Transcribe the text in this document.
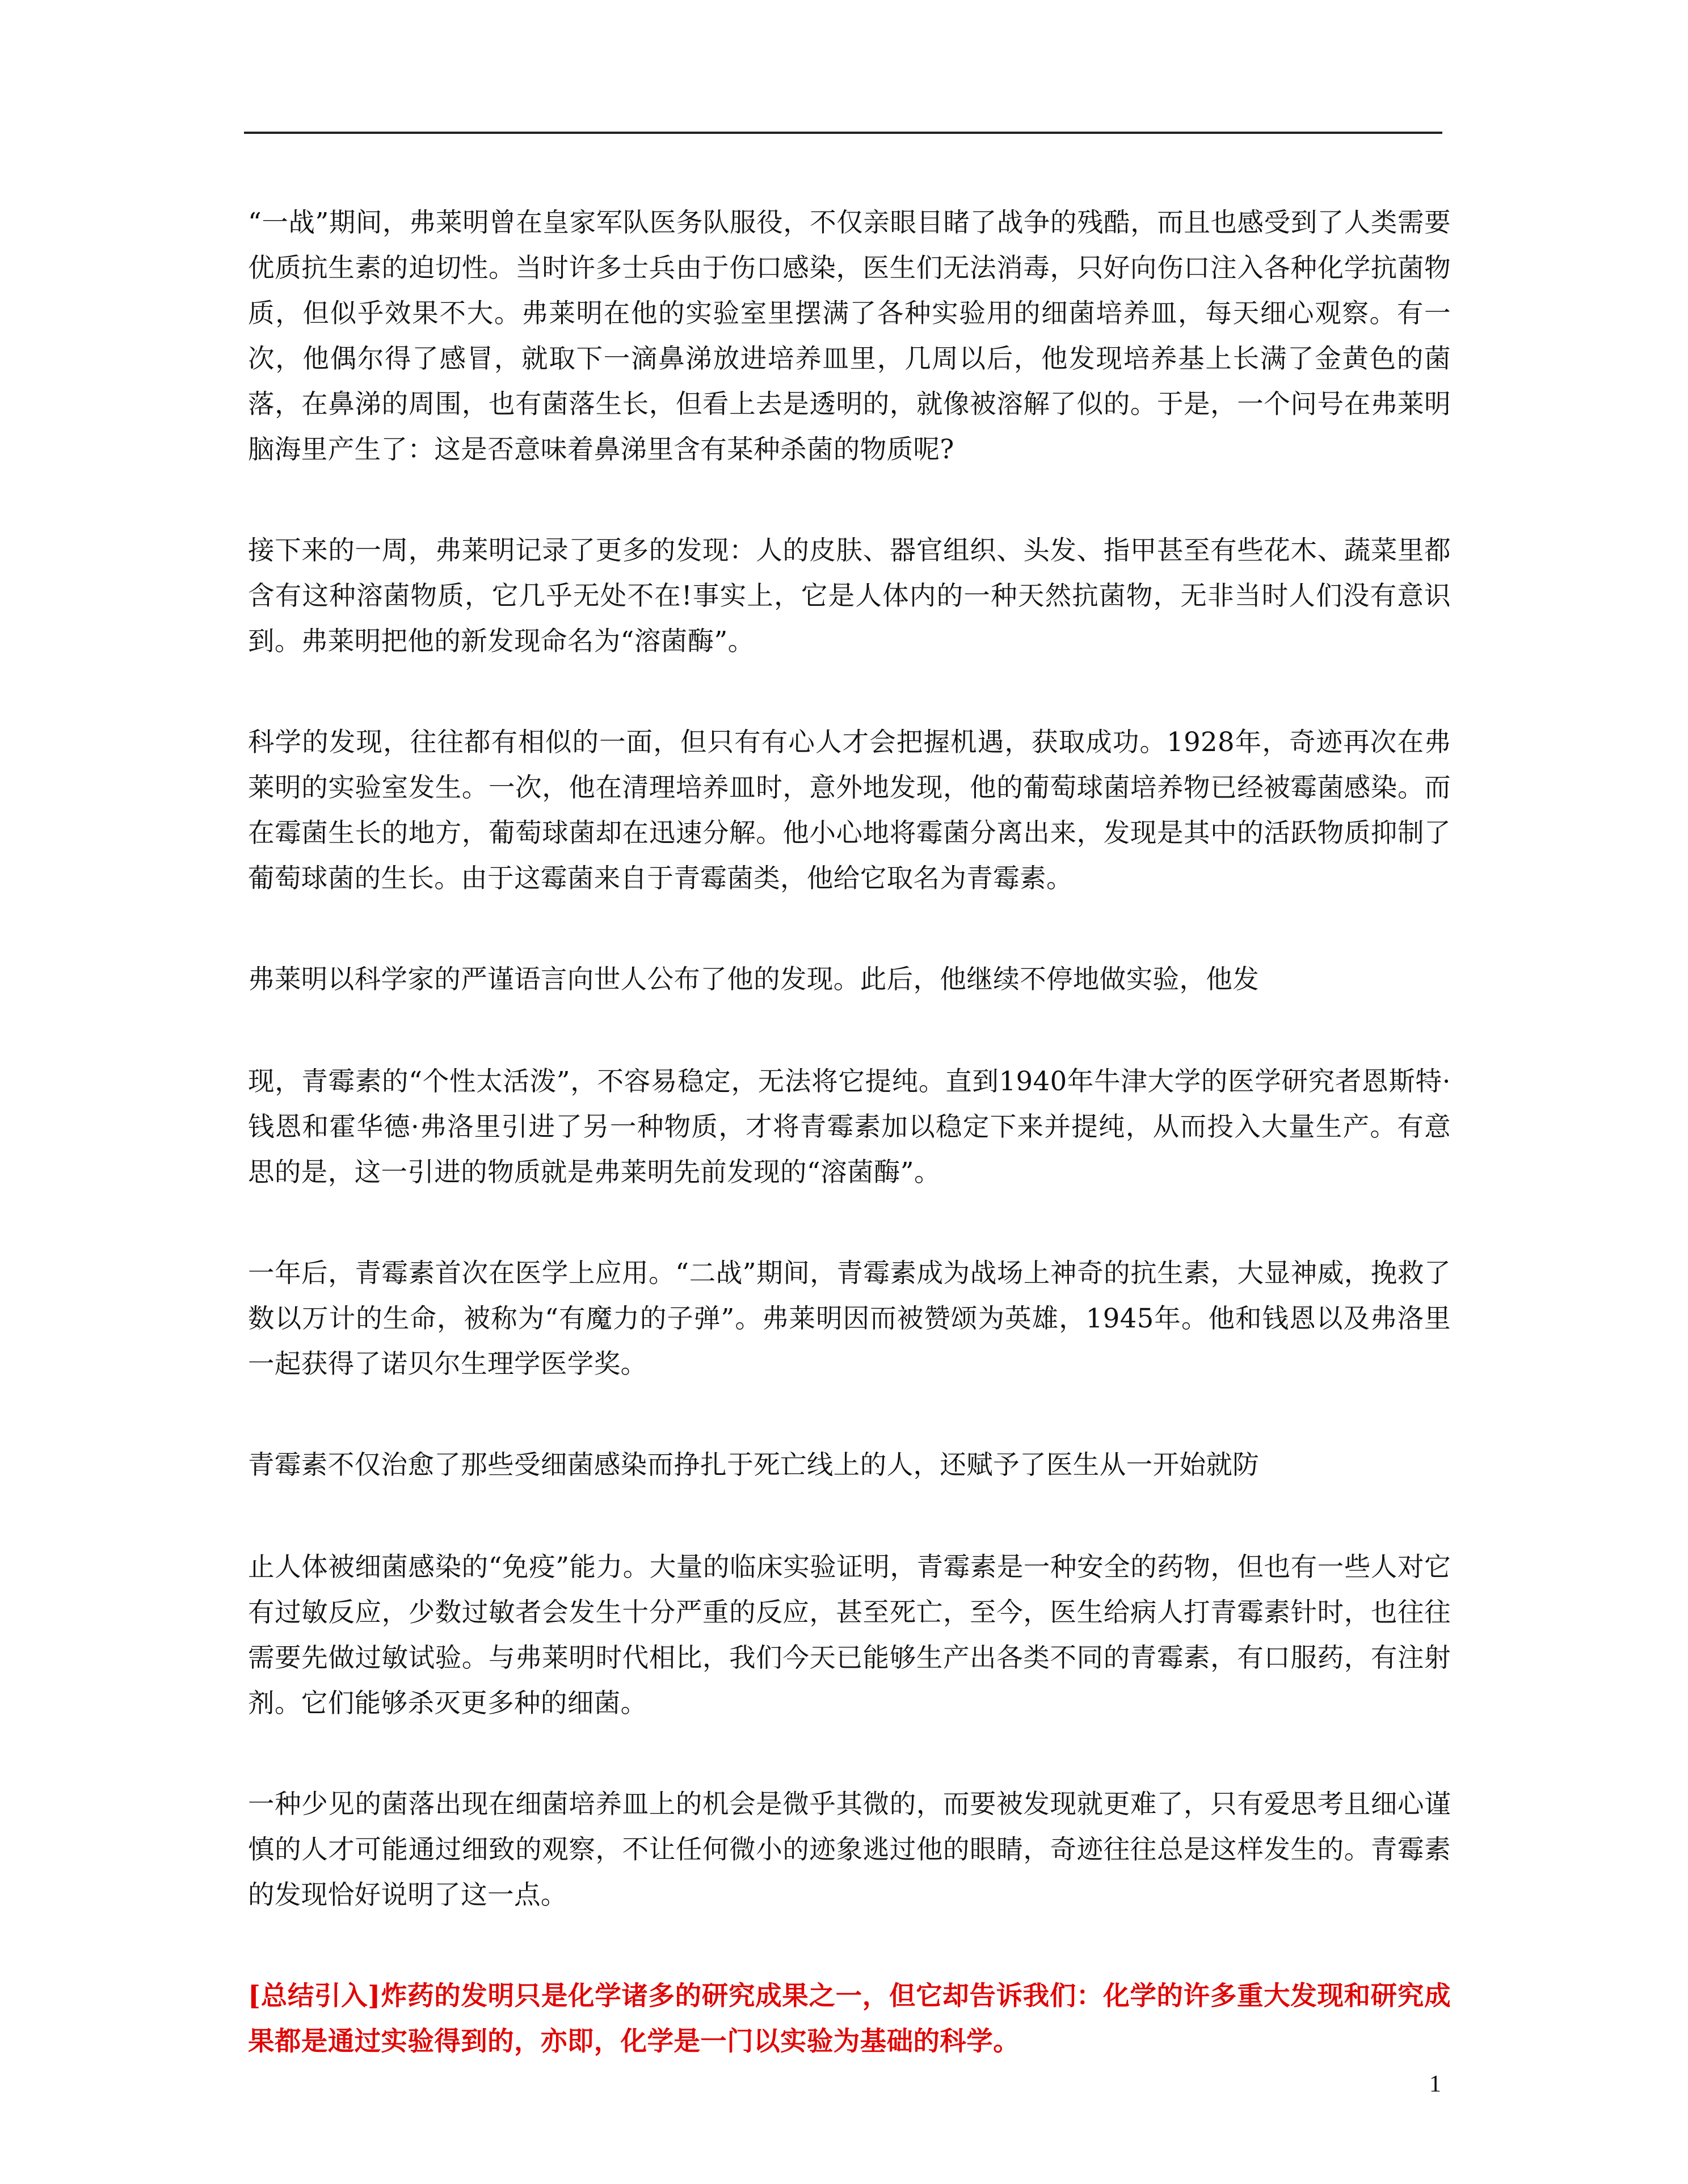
“一战”期间，弗莱明曾在皇家军队医务队服役，不仅亲眼目睹了战争的残酷，而且也感受到了人类需要优质抗生素的迫切性。当时许多士兵由于伤口感染，医生们无法消毒，只好向伤口注入各种化学抗菌物质，但似乎效果不大。弗莱明在他的实验室里摆满了各种实验用的细菌培养皿，每天细心观察。有一次，他偶尔得了感冒，就取下一滴鼻涕放进培养皿里，几周以后，他发现培养基上长满了金黄色的菌落，在鼻涕的周围，也有菌落生长，但看上去是透明的，就像被溶解了似的。于是，一个问号在弗莱明脑海里产生了：这是否意味着鼻涕里含有某种杀菌的物质呢?

接下来的一周，弗莱明记录了更多的发现：人的皮肤、器官组织、头发、指甲甚至有些花木、蔬菜里都含有这种溶菌物质，它几乎无处不在!事实上，它是人体内的一种天然抗菌物，无非当时人们没有意识到。弗莱明把他的新发现命名为“溶菌酶”。

科学的发现，往往都有相似的一面，但只有有心人才会把握机遇，获取成功。1928年，奇迹再次在弗莱明的实验室发生。一次，他在清理培养皿时，意外地发现，他的葡萄球菌培养物已经被霉菌感染。而在霉菌生长的地方，葡萄球菌却在迅速分解。他小心地将霉菌分离出来，发现是其中的活跃物质抑制了葡萄球菌的生长。由于这霉菌来自于青霉菌类，他给它取名为青霉素。

弗莱明以科学家的严谨语言向世人公布了他的发现。此后，他继续不停地做实验，他发

现，青霉素的“个性太活泼”，不容易稳定，无法将它提纯。直到1940年牛津大学的医学研究者恩斯特·钱恩和霍华德·弗洛里引进了另一种物质，才将青霉素加以稳定下来并提纯，从而投入大量生产。有意思的是，这一引进的物质就是弗莱明先前发现的“溶菌酶”。

一年后，青霉素首次在医学上应用。“二战”期间，青霉素成为战场上神奇的抗生素，大显神威，挽救了数以万计的生命，被称为“有魔力的子弹”。弗莱明因而被赞颂为英雄，1945年。他和钱恩以及弗洛里一起获得了诺贝尔生理学医学奖。

青霉素不仅治愈了那些受细菌感染而挣扎于死亡线上的人，还赋予了医生从一开始就防

止人体被细菌感染的“免疫”能力。大量的临床实验证明，青霉素是一种安全的药物，但也有一些人对它有过敏反应，少数过敏者会发生十分严重的反应，甚至死亡，至今，医生给病人打青霉素针时，也往往需要先做过敏试验。与弗莱明时代相比，我们今天已能够生产出各类不同的青霉素，有口服药，有注射剂。它们能够杀灭更多种的细菌。

一种少见的菌落出现在细菌培养皿上的机会是微乎其微的，而要被发现就更难了，只有爱思考且细心谨慎的人才可能通过细致的观察，不让任何微小的迹象逃过他的眼睛，奇迹往往总是这样发生的。青霉素的发现恰好说明了这一点。

[总结引入]炸药的发明只是化学诸多的研究成果之一，但它却告诉我们：化学的许多重大发现和研究成果都是通过实验得到的，亦即，化学是一门以实验为基础的科学。

1
